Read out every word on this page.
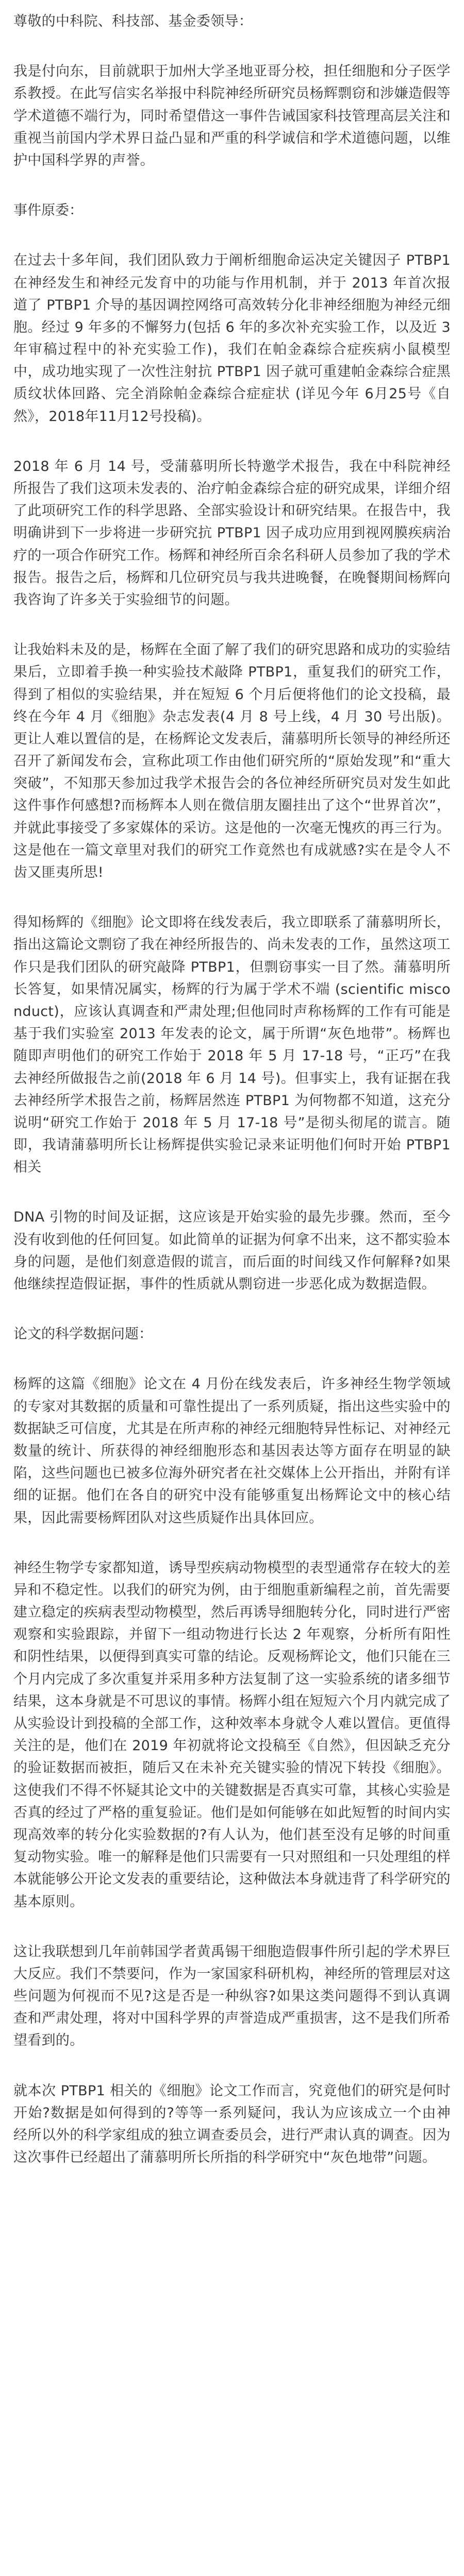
尊敬的中科院、科技部、基金委领导：

我是付向东，目前就职于加州大学圣地亚哥分校，担任细胞和分子医学系教授。在此写信实名举报中科院神经所研究员杨辉剽窃和涉嫌造假等学术道德不端行为，同时希望借这一事件告诫国家科技管理高层关注和重视当前国内学术界日益凸显和严重的科学诚信和学术道德问题，以维护中国科学界的声誉。

事件原委：

在过去十多年间，我们团队致力于阐析细胞命运决定关键因子 PTBP1 在神经发生和神经元发育中的功能与作用机制，并于 2013 年首次报道了 PTBP1 介导的基因调控网络可高效转分化非神经细胞为神经元细胞。经过 9 年多的不懈努力(包括 6 年的多次补充实验工作，以及近 3 年审稿过程中的补充实验工作)，我们在帕金森综合症疾病小鼠模型中，成功地实现了一次性注射抗 PTBP1 因子就可重建帕金森综合症黑质纹状体回路、完全消除帕金森综合症症状 (详见今年 6月25号《自然》，2018年11月12号投稿)。

2018 年 6 月 14 号，受蒲慕明所长特邀学术报告，我在中科院神经所报告了我们这项未发表的、治疗帕金森综合症的研究成果，详细介绍了此项研究工作的科学思路、全部实验设计和研究结果。在报告中，我明确讲到下一步将进一步研究抗 PTBP1 因子成功应用到视网膜疾病治疗的一项合作研究工作。杨辉和神经所百余名科研人员参加了我的学术报告。报告之后，杨辉和几位研究员与我共进晚餐，在晚餐期间杨辉向我咨询了许多关于实验细节的问题。

让我始料未及的是，杨辉在全面了解了我们的研究思路和成功的实验结果后，立即着手换一种实验技术敲降 PTBP1，重复我们的研究工作，得到了相似的实验结果，并在短短 6 个月后便将他们的论文投稿，最终在今年 4 月《细胞》杂志发表(4 月 8 号上线，4 月 30 号出版)。更让人难以置信的是，在杨辉论文发表后，蒲慕明所长领导的神经所还召开了新闻发布会，宣称此项工作由他们研究所的“原始发现”和“重大突破”，不知那天参加过我学术报告会的各位神经所研究员对发生如此这件事作何感想?而杨辉本人则在微信朋友圈挂出了这个“世界首次”，并就此事接受了多家媒体的采访。这是他的一次毫无愧疚的再三行为。这是他在一篇文章里对我们的研究工作竟然也有成就感?实在是令人不齿又匪夷所思!

得知杨辉的《细胞》论文即将在线发表后，我立即联系了蒲慕明所长，指出这篇论文剽窃了我在神经所报告的、尚未发表的工作，虽然这项工作只是我们团队的研究敲降 PTBP1，但剽窃事实一目了然。蒲慕明所长答复，如果情况属实，杨辉的行为属于学术不端 (scientific misconduct)，应该认真调查和严肃处理;但他同时声称杨辉的工作有可能是基于我们实验室 2013 年发表的论文，属于所谓“灰色地带”。杨辉也随即声明他们的研究工作始于 2018 年 5 月 17-18 号，“正巧”在我去神经所做报告之前(2018 年 6 月 14 号)。但事实上，我有证据在我去神经所学术报告之前，杨辉居然连 PTBP1 为何物都不知道，这充分说明“研究工作始于 2018 年 5 月 17-18 号”是彻头彻尾的谎言。随即，我请蒲慕明所长让杨辉提供实验记录来证明他们何时开始 PTBP1 相关

DNA 引物的时间及证据，这应该是开始实验的最先步骤。然而，至今没有收到他的任何回复。如此简单的证据为何拿不出来，这不都实验本身的问题，是他们刻意造假的谎言，而后面的时间线又作何解释?如果他继续捏造假证据，事件的性质就从剽窃进一步恶化成为数据造假。

论文的科学数据问题：

杨辉的这篇《细胞》论文在 4 月份在线发表后，许多神经生物学领域的专家对其数据的质量和可靠性提出了一系列质疑，指出这些实验中的数据缺乏可信度，尤其是在所声称的神经元细胞特异性标记、对神经元数量的统计、所获得的神经细胞形态和基因表达等方面存在明显的缺陷，这些问题也已被多位海外研究者在社交媒体上公开指出，并附有详细的证据。他们在各自的研究中没有能够重复出杨辉论文中的核心结果，因此需要杨辉团队对这些质疑作出具体回应。

神经生物学专家都知道，诱导型疾病动物模型的表型通常存在较大的差异和不稳定性。以我们的研究为例，由于细胞重新编程之前，首先需要建立稳定的疾病表型动物模型，然后再诱导细胞转分化，同时进行严密观察和实验跟踪，并留下一组动物进行长达 2 年观察，分析所有阳性和阴性结果，以便得到真实可靠的结论。反观杨辉论文，他们只能在三个月内完成了多次重复并采用多种方法复制了这一实验系统的诸多细节结果，这本身就是不可思议的事情。杨辉小组在短短六个月内就完成了从实验设计到投稿的全部工作，这种效率本身就令人难以置信。更值得关注的是，他们在 2019 年初就将论文投稿至《自然》，但因缺乏充分的验证数据而被拒，随后又在未补充关键实验的情况下转投《细胞》。这使我们不得不怀疑其论文中的关键数据是否真实可靠，其核心实验是否真的经过了严格的重复验证。他们是如何能够在如此短暂的时间内实现高效率的转分化实验数据的?有人认为，他们甚至没有足够的时间重复动物实验。唯一的解释是他们只需要有一只对照组和一只处理组的样本就能够公开论文发表的重要结论，这种做法本身就违背了科学研究的基本原则。

这让我联想到几年前韩国学者黄禹锡干细胞造假事件所引起的学术界巨大反应。我们不禁要问，作为一家国家科研机构，神经所的管理层对这些问题为何视而不见?这是否是一种纵容?如果这类问题得不到认真调查和严肃处理，将对中国科学界的声誉造成严重损害，这不是我们所希望看到的。

就本次 PTBP1 相关的《细胞》论文工作而言，究竟他们的研究是何时开始?数据是如何得到的?等等一系列疑问，我认为应该成立一个由神经所以外的科学家组成的独立调查委员会，进行严肃认真的调查。因为这次事件已经超出了蒲慕明所长所指的科学研究中“灰色地带”问题。
